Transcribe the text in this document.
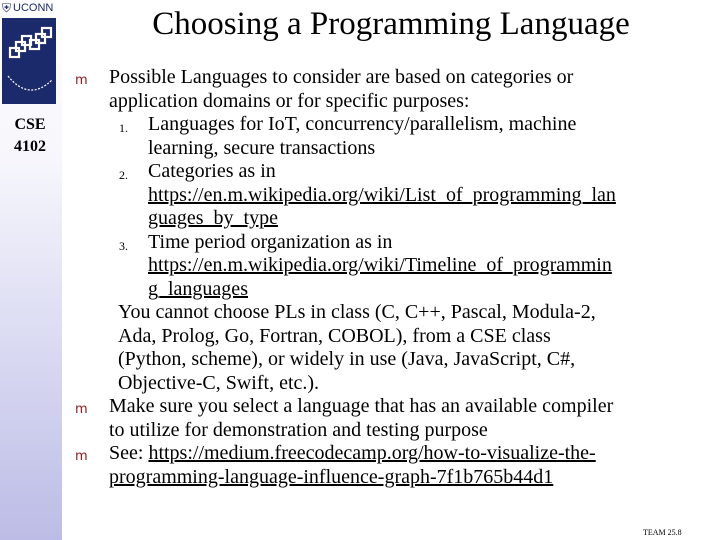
⛨ UCONN
CSE
4102
Choosing a Programming Language
m Possible Languages to consider are based on categories or
application domains or for specific purposes:
1. Languages for IoT, concurrency/parallelism, machine
learning, secure transactions
2. Categories as in
https://en.m.wikipedia.org/wiki/List_of_programming_lan
guages_by_type
3. Time period organization as in
https://en.m.wikipedia.org/wiki/Timeline_of_programmin
g_languages
You cannot choose PLs in class (C, C++, Pascal, Modula-2,
Ada, Prolog, Go, Fortran, COBOL), from a CSE class
(Python, scheme), or widely in use (Java, JavaScript, C#,
Objective-C, Swift, etc.).
m Make sure you select a language that has an available compiler
to utilize for demonstration and testing purpose
m See: https://medium.freecodecamp.org/how-to-visualize-the-
programming-language-influence-graph-7f1b765b44d1
TEAM 25.8
